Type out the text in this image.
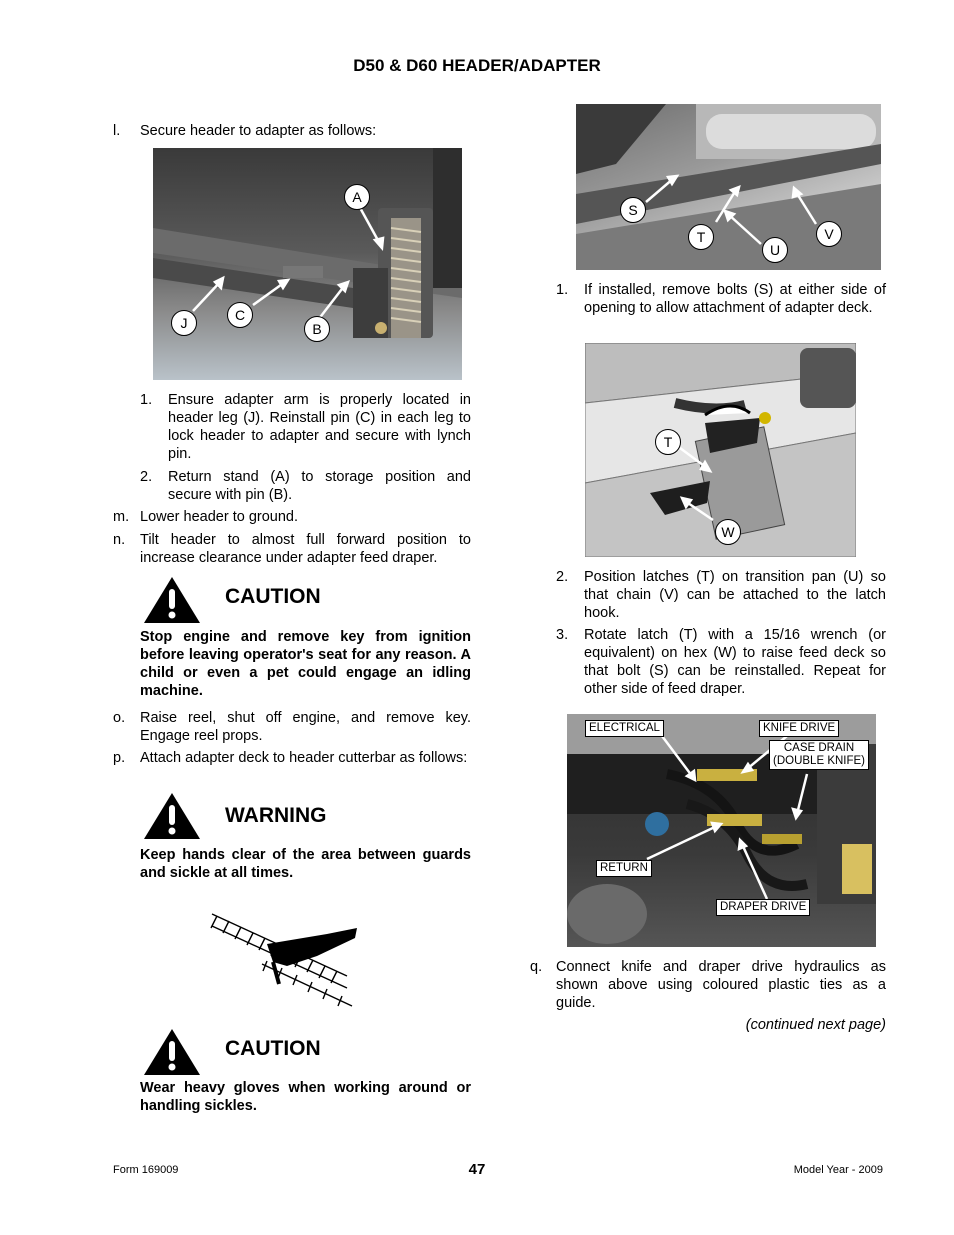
D50 & D60 HEADER/ADAPTER
l. Secure header to adapter as follows:
A
J	C
B
1. Ensure adapter arm is properly located in header leg (J). Reinstall pin (C) in each leg to lock header to adapter and secure with lynch pin.
2. Return stand (A) to storage position and secure with pin (B).
m. Lower header to ground.
n. Tilt header to almost full forward position to increase clearance under adapter feed draper.
CAUTION
Stop engine and remove key from ignition before leaving operator's seat for any reason. A child or even a pet could engage an idling machine.
o. Raise reel, shut off engine, and remove key. Engage reel props.
p. Attach adapter deck to header cutterbar as follows:
WARNING
Keep hands clear of the area between guards and sickle at all times.
CAUTION
Wear heavy gloves when working around or handling sickles.
S
T
U
V
1. If installed, remove bolts (S) at either side of opening to allow attachment of adapter deck.
T
W
2. Position latches (T) on transition pan (U) so that chain (V) can be attached to the latch hook.
3. Rotate latch (T) with a 15/16 wrench (or equivalent) on hex (W) to raise feed deck so that bolt (S) can be reinstalled. Repeat for other side of feed draper.
ELECTRICAL	KNIFE DRIVE
CASE DRAIN
(DOUBLE KNIFE)
RETURN
DRAPER DRIVE
q. Connect knife and draper drive hydraulics as shown above using coloured plastic ties as a guide.
(continued next page)
Form 169009	47	Model Year - 2009
